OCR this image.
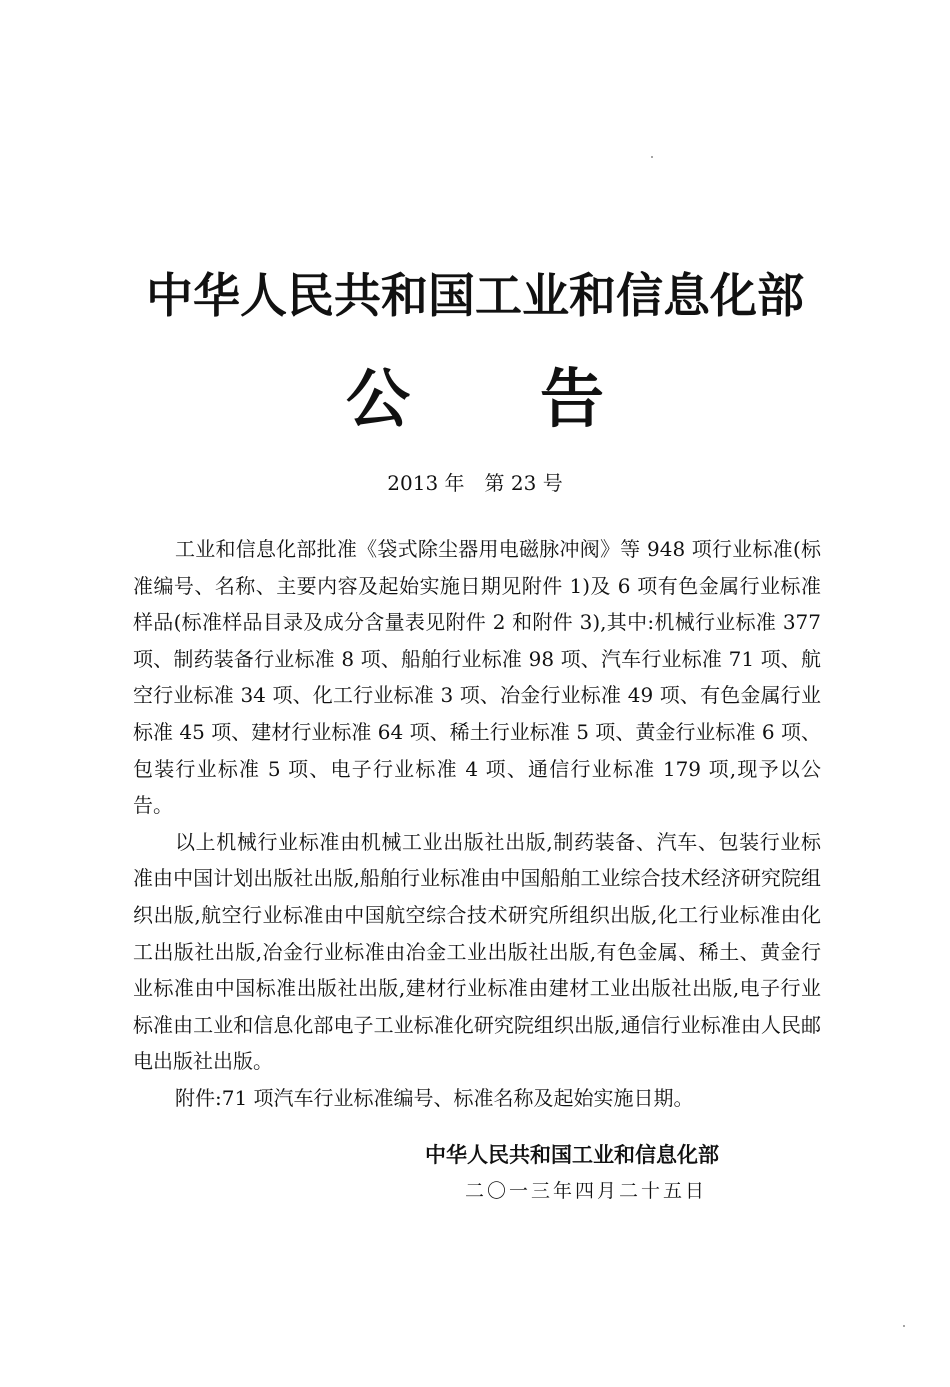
中华人民共和国工业和信息化部
公告
2013 年　第 23 号

工业和信息化部批准《袋式除尘器用电磁脉冲阀》等 948 项行业标准(标准编号、名称、主要内容及起始实施日期见附件 1)及 6 项有色金属行业标准样品(标准样品目录及成分含量表见附件 2 和附件 3),其中:机械行业标准 377 项、制药装备行业标准 8 项、船舶行业标准 98 项、汽车行业标准 71 项、航空行业标准 34 项、化工行业标准 3 项、冶金行业标准 49 项、有色金属行业标准 45 项、建材行业标准 64 项、稀土行业标准 5 项、黄金行业标准 6 项、包装行业标准 5 项、电子行业标准 4 项、通信行业标准 179 项,现予以公告。

以上机械行业标准由机械工业出版社出版,制药装备、汽车、包装行业标准由中国计划出版社出版,船舶行业标准由中国船舶工业综合技术经济研究院组织出版,航空行业标准由中国航空综合技术研究所组织出版,化工行业标准由化工出版社出版,冶金行业标准由冶金工业出版社出版,有色金属、稀土、黄金行业标准由中国标准出版社出版,建材行业标准由建材工业出版社出版,电子行业标准由工业和信息化部电子工业标准化研究院组织出版,通信行业标准由人民邮电出版社出版。

附件:71 项汽车行业标准编号、标准名称及起始实施日期。

中华人民共和国工业和信息化部
二〇一三年四月二十五日
